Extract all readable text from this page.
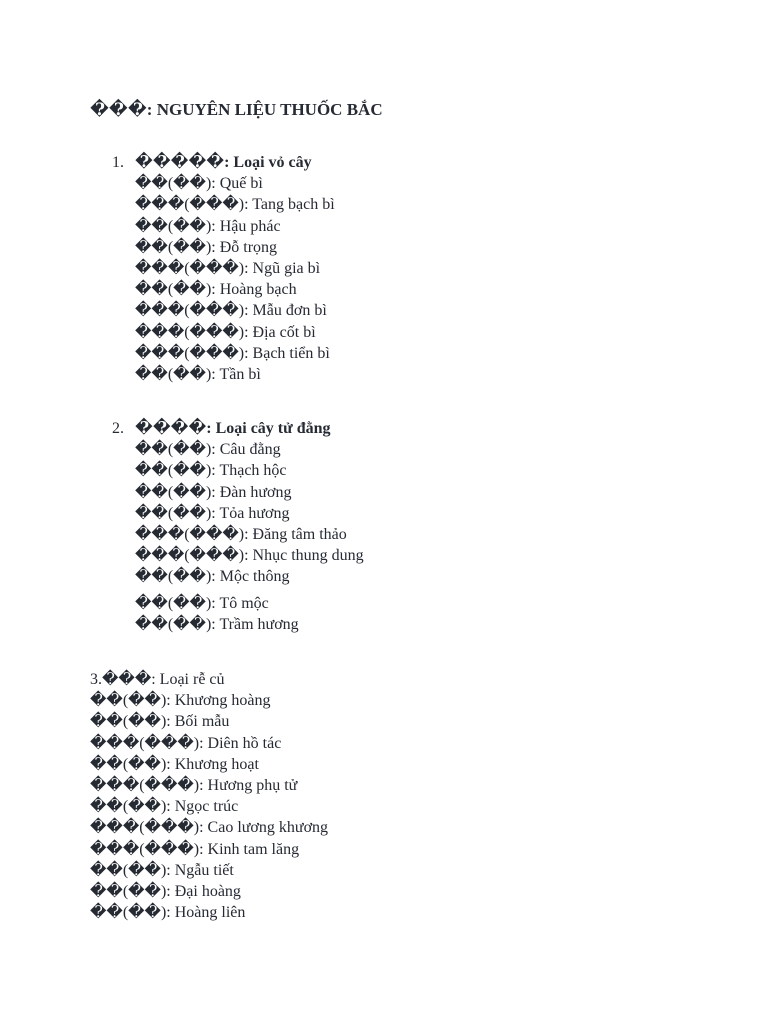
���: NGUYÊN LIỆU THUỐC BẮC
1. �����: Loại vỏ cây
��(��): Quế bì
���(���): Tang bạch bì
��(��): Hậu phác
��(��): Đỗ trọng
���(���): Ngũ gia bì
��(��): Hoàng bạch
���(���): Mẫu đơn bì
���(���): Địa cốt bì
���(���): Bạch tiển bì
��(��): Tần bì
2. ����: Loại cây tử đằng
��(��): Câu đằng
��(��): Thạch hộc
��(��): Đàn hương
��(��): Tỏa hương
���(���): Đăng tâm thảo
���(���): Nhục thung dung
��(��): Mộc thông
��(��): Tô mộc
��(��): Trầm hương
3.���: Loại rễ củ
��(��): Khương hoàng
��(��): Bối mẫu
���(���): Diên hồ tác
��(��): Khương hoạt
���(���): Hương phụ tử
��(��): Ngọc trúc
���(���): Cao lương khương
���(���): Kinh tam lăng
��(��): Ngẫu tiết
��(��): Đại hoàng
��(��): Hoàng liên
